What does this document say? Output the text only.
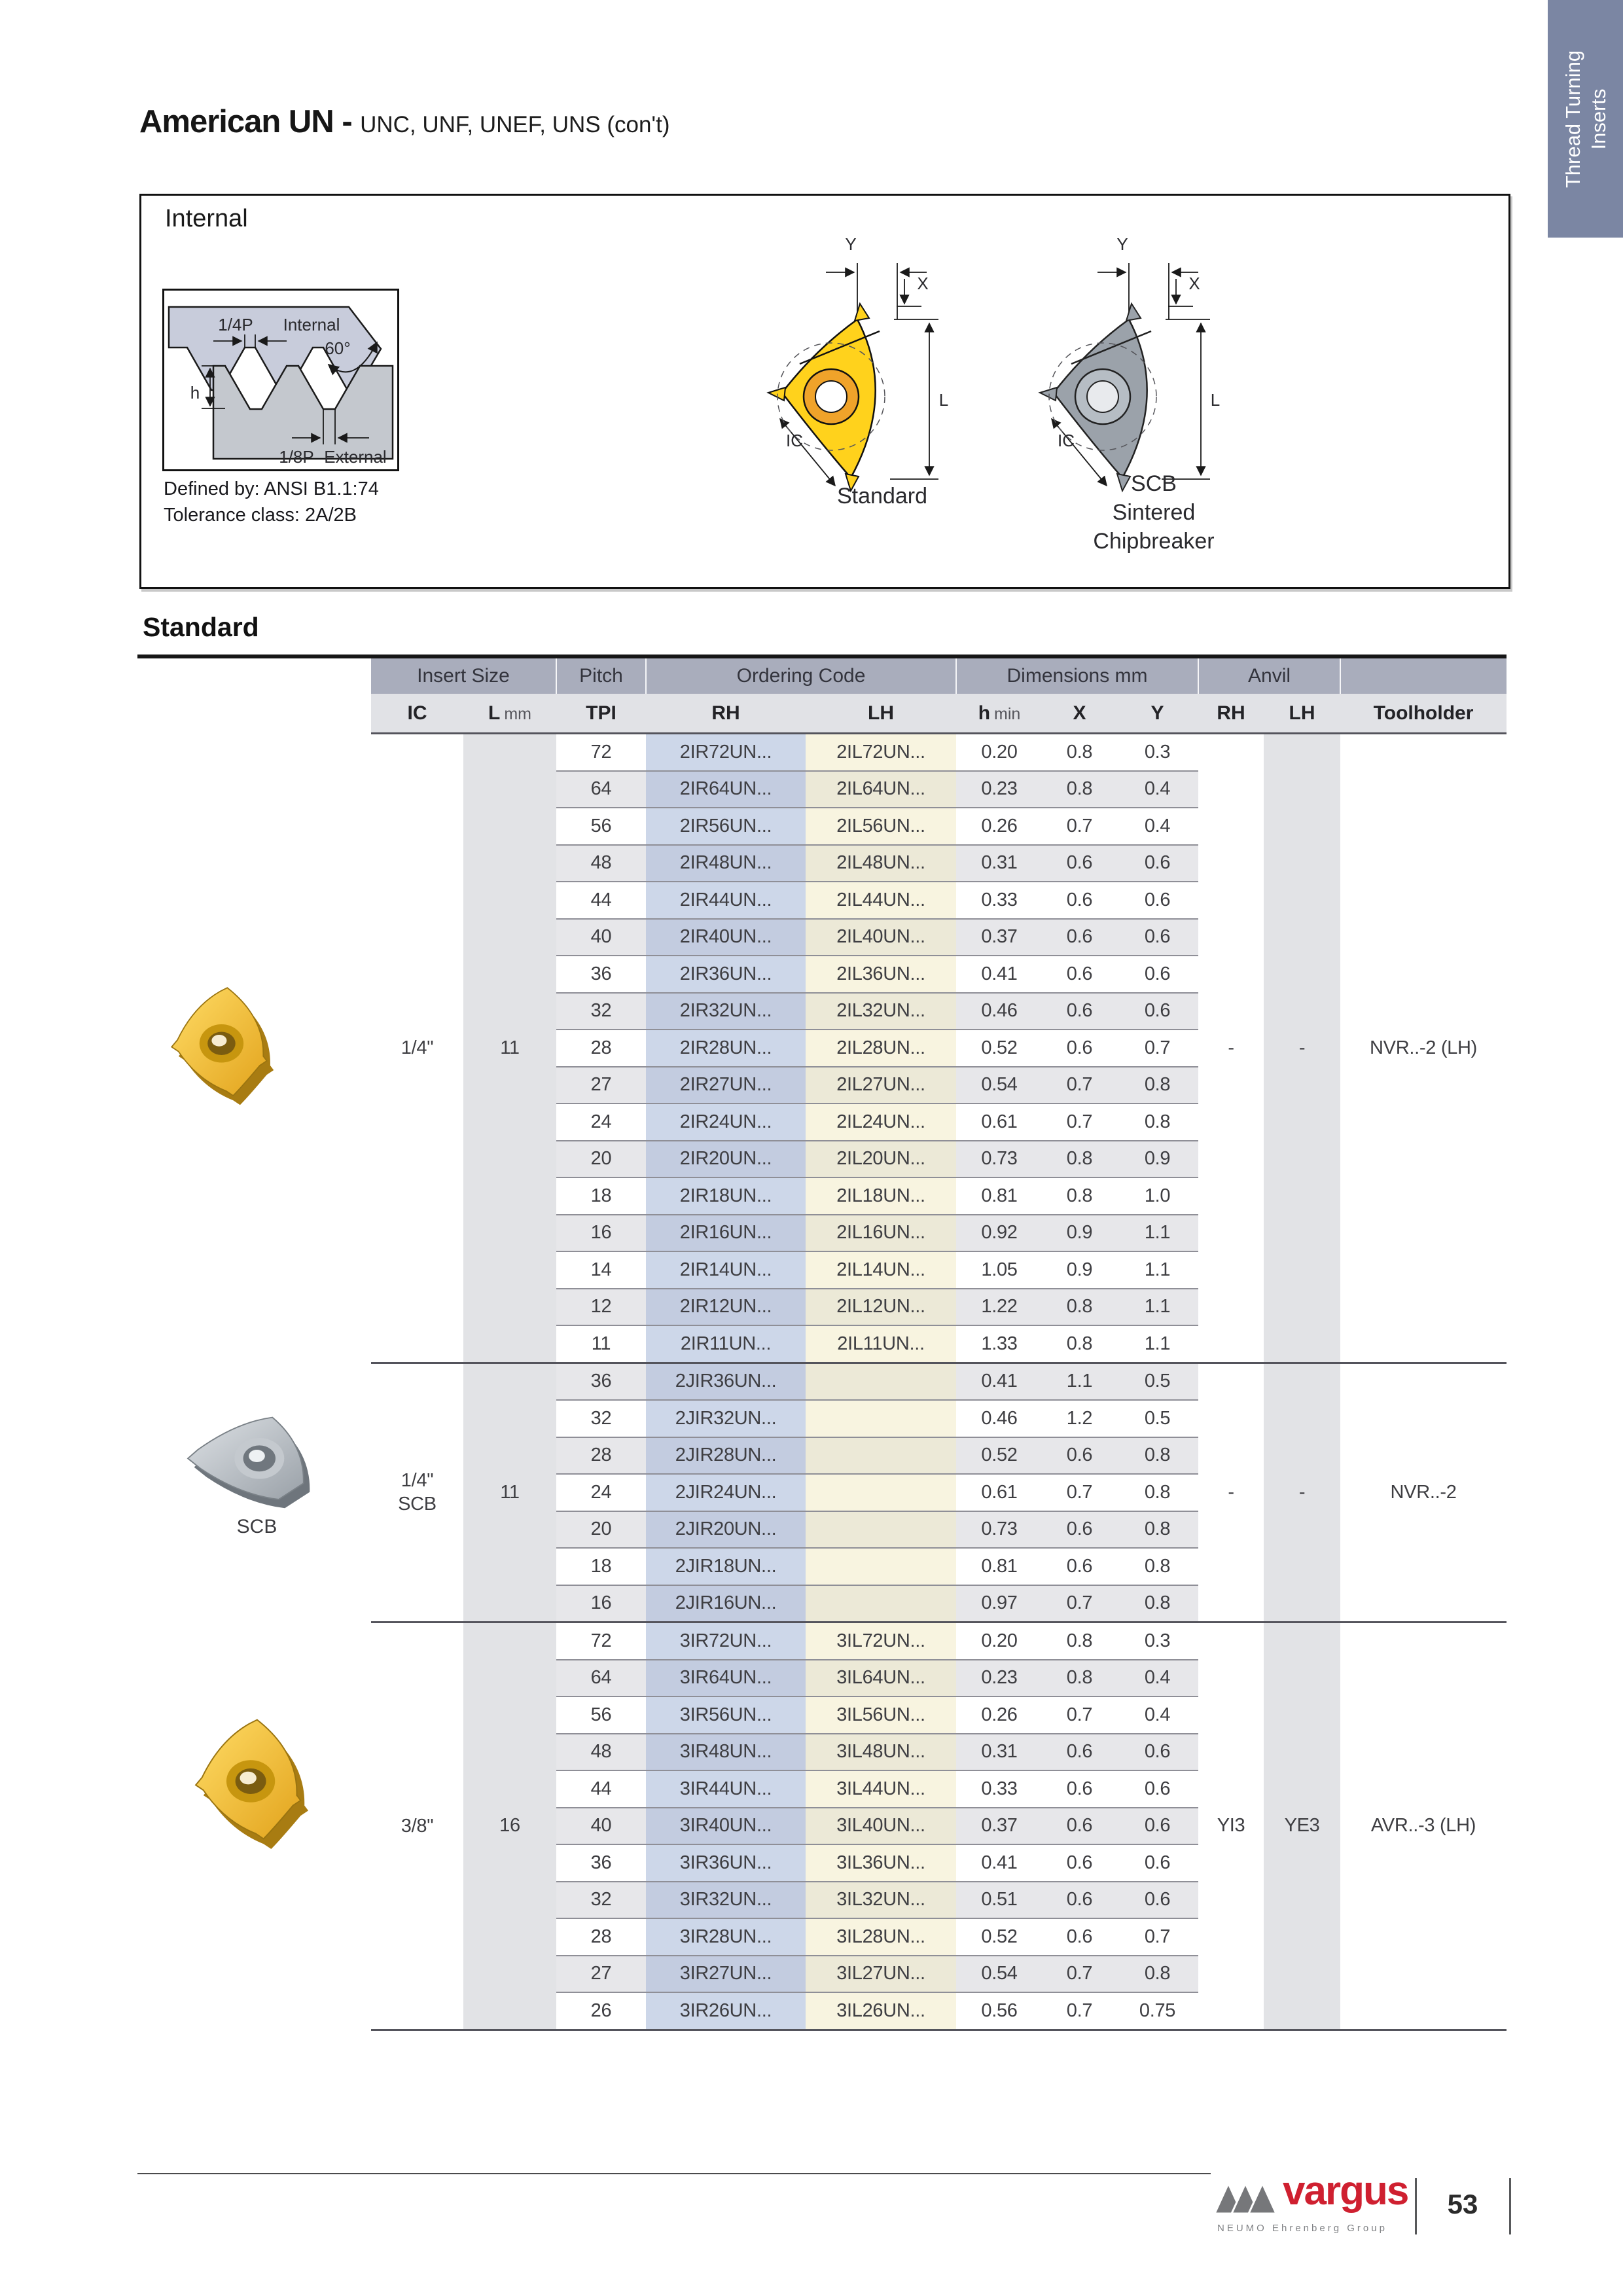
Thread Turning Inserts
American UN - UNC, UNF, UNEF, UNS (con't)
Internal
1/4P Internal
60°
h
1/8P External
Defined by: ANSI B1.1:74
Tolerance class: 2A/2B
Y
X
L
IC
Y
X
L
IC
Standard	SCB
Sintered
Chipbreaker
Standard
SCB
Insert Size		Pitch	Ordering Code		Dimensions mm			Anvil		
IC	L mm	TPI	RH	LH	h min	X	Y	RH	LH	Toolholder

1/4"	11	72	2IR72UN...	2IL72UN...	0.20	0.8	0.3	-	-	NVR..-2 (LH)
		64	2IR64UN...	2IL64UN...	0.23	0.8	0.4			
		56	2IR56UN...	2IL56UN...	0.26	0.7	0.4			
		48	2IR48UN...	2IL48UN...	0.31	0.6	0.6			
		44	2IR44UN...	2IL44UN...	0.33	0.6	0.6			
		40	2IR40UN...	2IL40UN...	0.37	0.6	0.6			
		36	2IR36UN...	2IL36UN...	0.41	0.6	0.6			
		32	2IR32UN...	2IL32UN...	0.46	0.6	0.6			
		28	2IR28UN...	2IL28UN...	0.52	0.6	0.7			
		27	2IR27UN...	2IL27UN...	0.54	0.7	0.8			
		24	2IR24UN...	2IL24UN...	0.61	0.7	0.8			
		20	2IR20UN...	2IL20UN...	0.73	0.8	0.9			
		18	2IR18UN...	2IL18UN...	0.81	0.8	1.0			
		16	2IR16UN...	2IL16UN...	0.92	0.9	1.1			
		14	2IR14UN...	2IL14UN...	1.05	0.9	1.1			
		12	2IR12UN...	2IL12UN...	1.22	0.8	1.1			
		11	2IR11UN...	2IL11UN...	1.33	0.8	1.1			

1/4"
SCB	11	36	2JIR36UN...		0.41	1.1	0.5	-	-	NVR..-2
		32	2JIR32UN...		0.46	1.2	0.5			
		28	2JIR28UN...		0.52	0.6	0.8			
		24	2JIR24UN...		0.61	0.7	0.8			
		20	2JIR20UN...		0.73	0.6	0.8			
		18	2JIR18UN...		0.81	0.6	0.8			
		16	2JIR16UN...		0.97	0.7	0.8			

3/8"	16	72	3IR72UN...	3IL72UN...	0.20	0.8	0.3	YI3	YE3	AVR..-3 (LH)
		64	3IR64UN...	3IL64UN...	0.23	0.8	0.4			
		56	3IR56UN...	3IL56UN...	0.26	0.7	0.4			
		48	3IR48UN...	3IL48UN...	0.31	0.6	0.6			
		44	3IR44UN...	3IL44UN...	0.33	0.6	0.6			
		40	3IR40UN...	3IL40UN...	0.37	0.6	0.6			
		36	3IR36UN...	3IL36UN...	0.41	0.6	0.6			
		32	3IR32UN...	3IL32UN...	0.51	0.6	0.6			
		28	3IR28UN...	3IL28UN...	0.52	0.6	0.7			
		27	3IR27UN...	3IL27UN...	0.54	0.7	0.8			
		26	3IR26UN...	3IL26UN...	0.56	0.7	0.75			
vargus
NEUMO Ehrenberg Group
53
